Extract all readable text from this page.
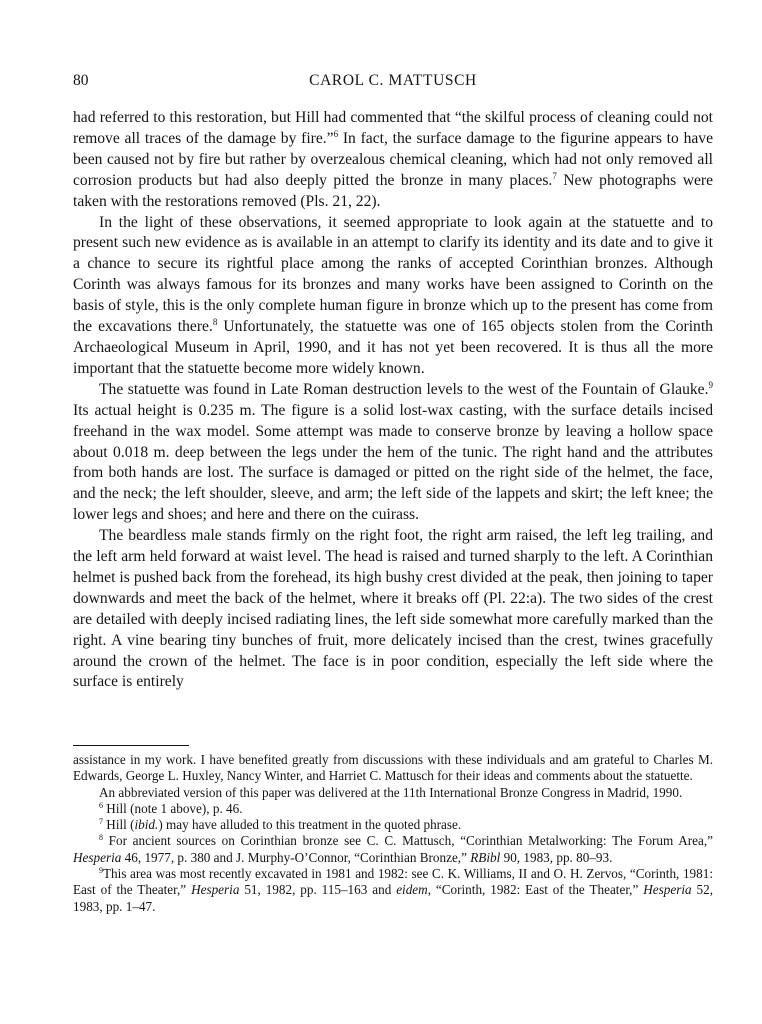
80	CAROL C. MATTUSCH

had referred to this restoration, but Hill had commented that “the skilful process of cleaning could not remove all traces of the damage by fire.”$^6$ In fact, the surface damage to the figurine appears to have been caused not by fire but rather by overzealous chemical cleaning, which had not only removed all corrosion products but had also deeply pitted the bronze in many places.$^7$ New photographs were taken with the restorations removed (Pls. 21, 22).

In the light of these observations, it seemed appropriate to look again at the statuette and to present such new evidence as is available in an attempt to clarify its identity and its date and to give it a chance to secure its rightful place among the ranks of accepted Corinthian bronzes. Although Corinth was always famous for its bronzes and many works have been assigned to Corinth on the basis of style, this is the only complete human figure in bronze which up to the present has come from the excavations there.$^8$ Unfortunately, the statuette was one of 165 objects stolen from the Corinth Archaeological Museum in April, 1990, and it has not yet been recovered. It is thus all the more important that the statuette become more widely known.

The statuette was found in Late Roman destruction levels to the west of the Fountain of Glauke.$^9$ Its actual height is 0.235 m. The figure is a solid lost-wax casting, with the surface details incised freehand in the wax model. Some attempt was made to conserve bronze by leaving a hollow space about 0.018 m. deep between the legs under the hem of the tunic. The right hand and the attributes from both hands are lost. The surface is damaged or pitted on the right side of the helmet, the face, and the neck; the left shoulder, sleeve, and arm; the left side of the lappets and skirt; the left knee; the lower legs and shoes; and here and there on the cuirass.

The beardless male stands firmly on the right foot, the right arm raised, the left leg trailing, and the left arm held forward at waist level. The head is raised and turned sharply to the left. A Corinthian helmet is pushed back from the forehead, its high bushy crest divided at the peak, then joining to taper downwards and meet the back of the helmet, where it breaks off (Pl. 22:a). The two sides of the crest are detailed with deeply incised radiating lines, the left side somewhat more carefully marked than the right. A vine bearing tiny bunches of fruit, more delicately incised than the crest, twines gracefully around the crown of the helmet. The face is in poor condition, especially the left side where the surface is entirely

assistance in my work. I have benefited greatly from discussions with these individuals and am grateful to Charles M. Edwards, George L. Huxley, Nancy Winter, and Harriet C. Mattusch for their ideas and comments about the statuette.

An abbreviated version of this paper was delivered at the 11th International Bronze Congress in Madrid, 1990.

$^6$ Hill (note 1 above), p. 46.

$^7$ Hill (ibid.) may have alluded to this treatment in the quoted phrase.

$^8$ For ancient sources on Corinthian bronze see C. C. Mattusch, “Corinthian Metalworking: The Forum Area,” Hesperia 46, 1977, p. 380 and J. Murphy-O’Connor, “Corinthian Bronze,” RBibl 90, 1983, pp. 80–93.

$^9$This area was most recently excavated in 1981 and 1982: see C. K. Williams, II and O. H. Zervos, “Corinth, 1981: East of the Theater,” Hesperia 51, 1982, pp. 115–163 and eidem, “Corinth, 1982: East of the Theater,” Hesperia 52, 1983, pp. 1–47.
